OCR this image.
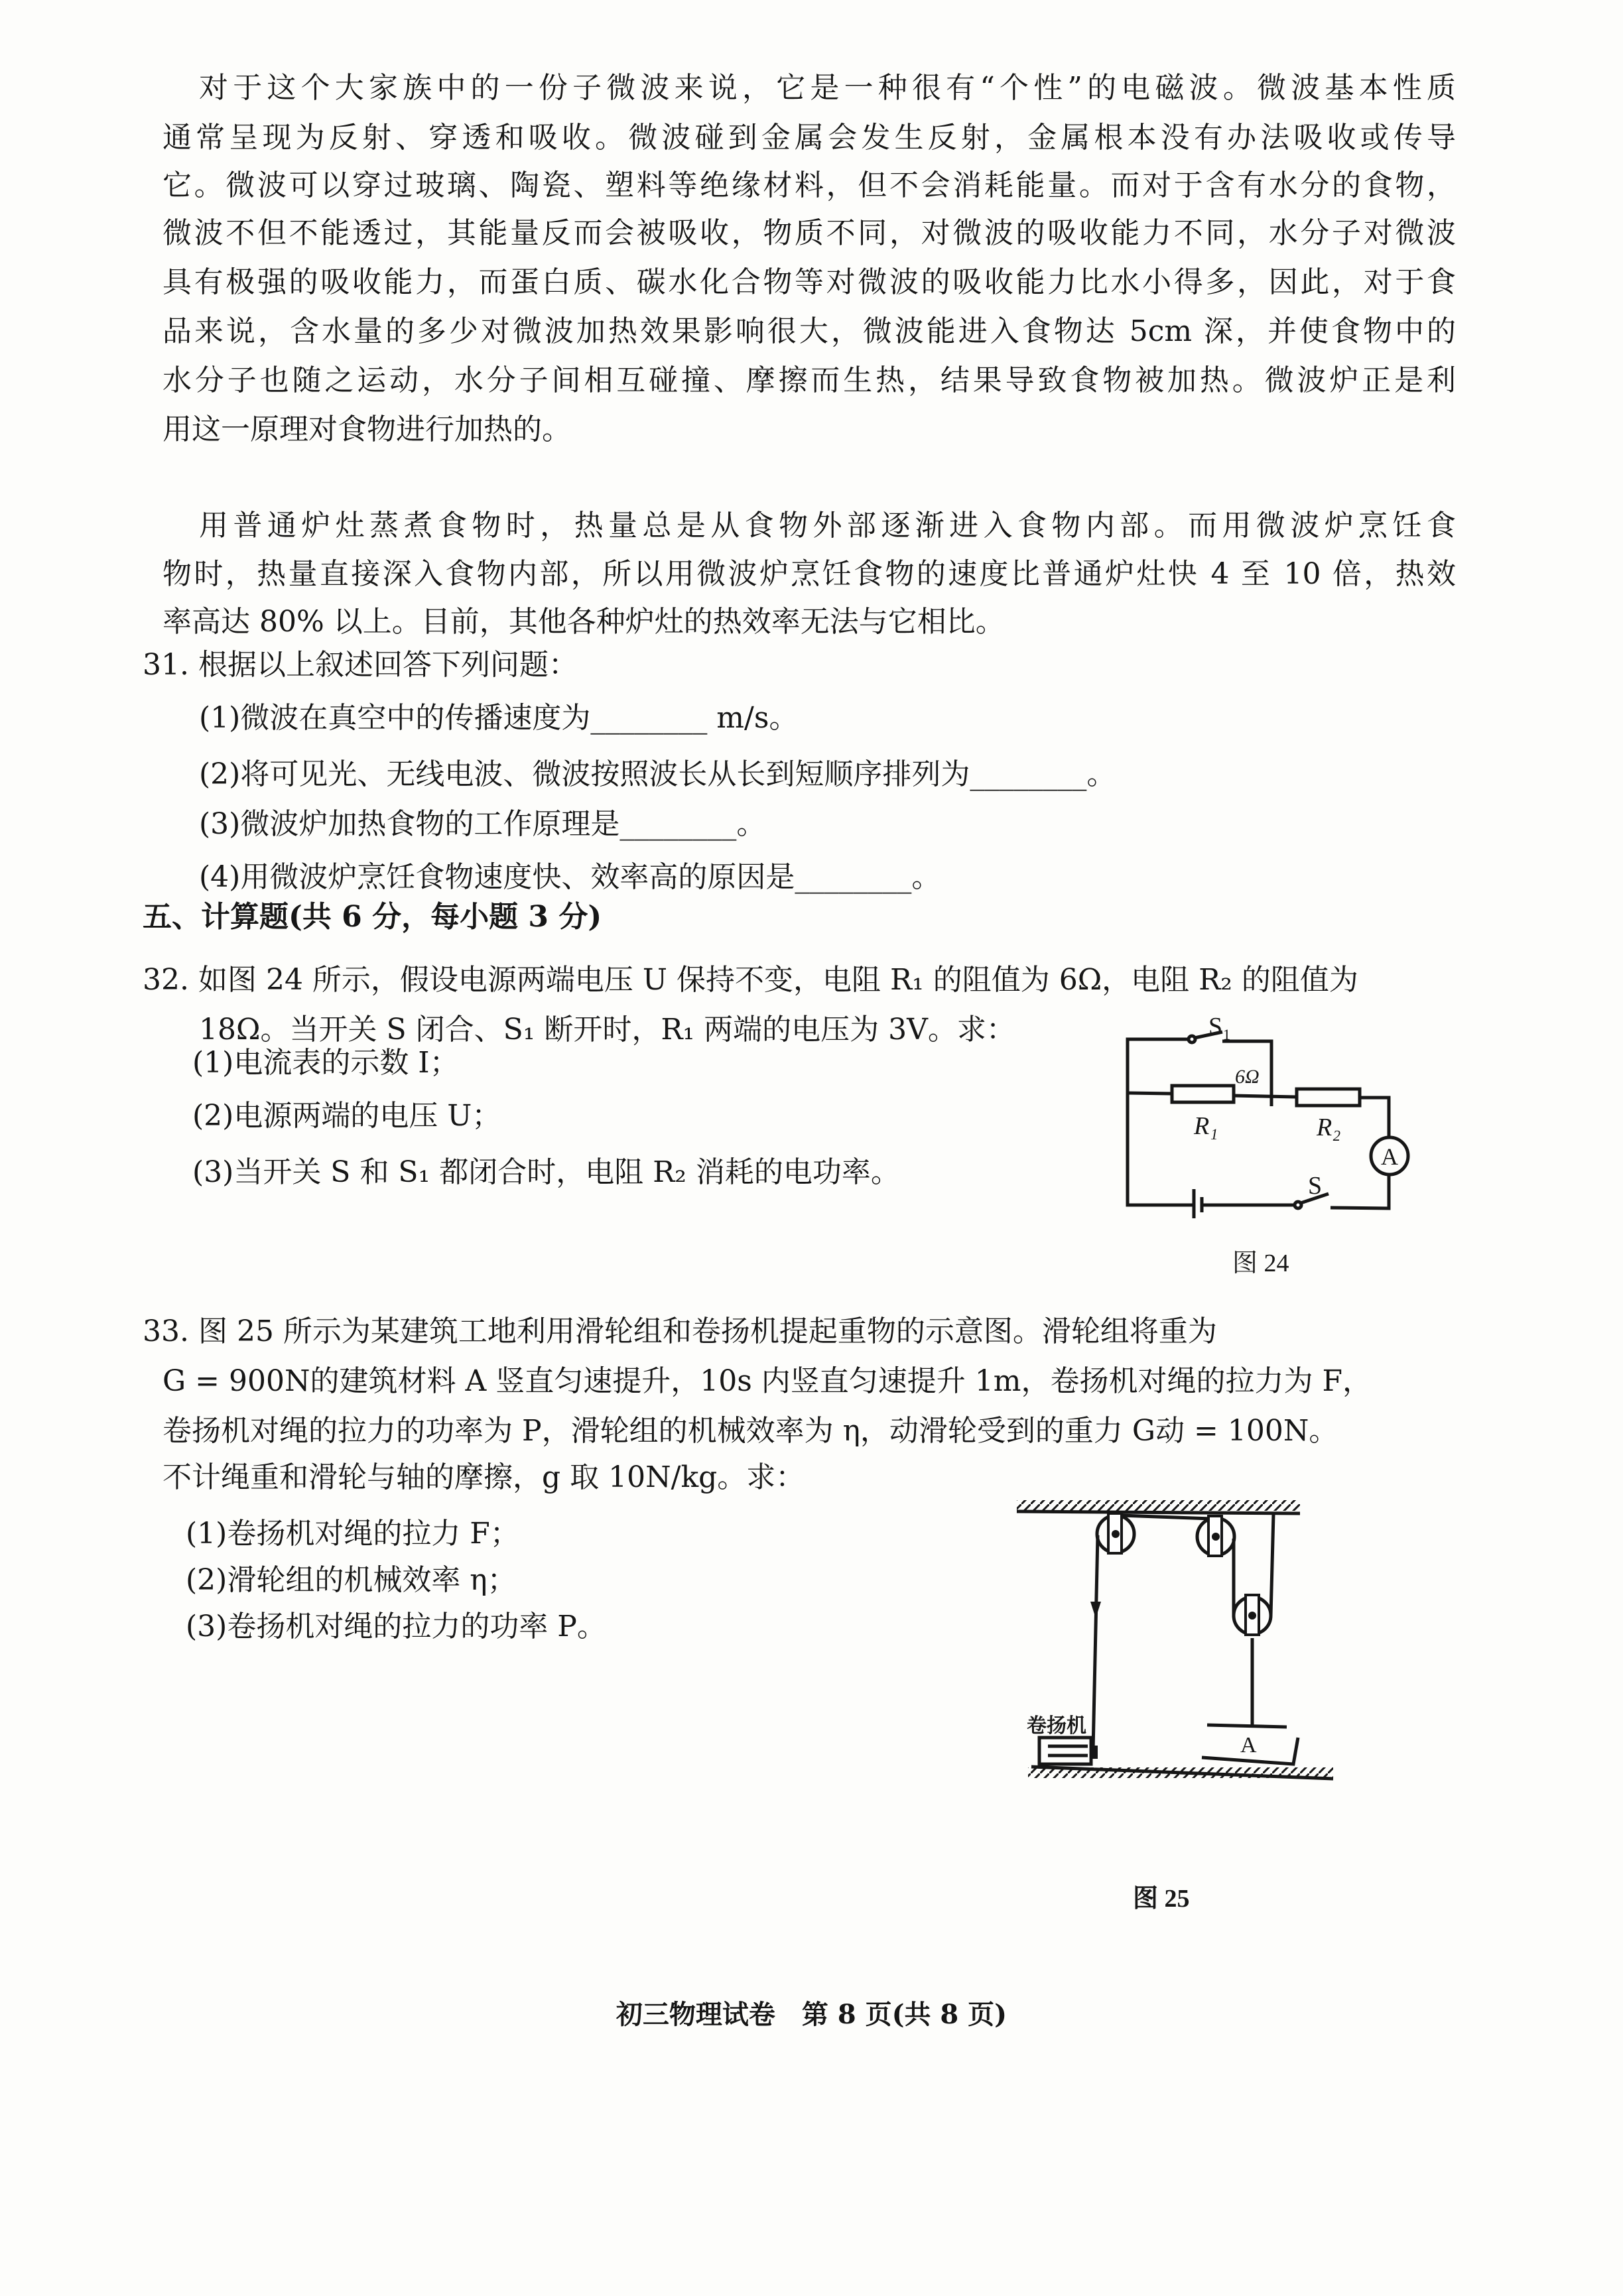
对于这个大家族中的一份子微波来说，它是一种很有“个性”的电磁波。微波基本性质
通常呈现为反射、穿透和吸收。微波碰到金属会发生反射，金属根本没有办法吸收或传导
它。微波可以穿过玻璃、陶瓷、塑料等绝缘材料，但不会消耗能量。而对于含有水分的食物，
微波不但不能透过，其能量反而会被吸收，物质不同，对微波的吸收能力不同，水分子对微波
具有极强的吸收能力，而蛋白质、碳水化合物等对微波的吸收能力比水小得多，因此，对于食
品来说，含水量的多少对微波加热效果影响很大，微波能进入食物达 5cm 深，并使食物中的
水分子也随之运动，水分子间相互碰撞、摩擦而生热，结果导致食物被加热。微波炉正是利
用这一原理对食物进行加热的。
用普通炉灶蒸煮食物时，热量总是从食物外部逐渐进入食物内部。而用微波炉烹饪食
物时，热量直接深入食物内部，所以用微波炉烹饪食物的速度比普通炉灶快 4 至 10 倍，热效
率高达 80% 以上。目前，其他各种炉灶的热效率无法与它相比。
31. 根据以上叙述回答下列问题：
(1)微波在真空中的传播速度为________ m/s。
(2)将可见光、无线电波、微波按照波长从长到短顺序排列为________。
(3)微波炉加热食物的工作原理是________。
(4)用微波炉烹饪食物速度快、效率高的原因是________。
五、计算题(共 6 分，每小题 3 分)
32. 如图 24 所示，假设电源两端电压 U 保持不变，电阻 R₁ 的阻值为 6Ω，电阻 R₂ 的阻值为
18Ω。当开关 S 闭合、S₁ 断开时，R₁ 两端的电压为 3V。求：
(1)电流表的示数 I；
(2)电源两端的电压 U；
(3)当开关 S 和 S₁ 都闭合时，电阻 R₂ 消耗的电功率。
S₁
S
R₁	R₂
A
6Ω
图 24
33. 图 25 所示为某建筑工地利用滑轮组和卷扬机提起重物的示意图。滑轮组将重为
G = 900N的建筑材料 A 竖直匀速提升，10s 内竖直匀速提升 1m，卷扬机对绳的拉力为 F，
卷扬机对绳的拉力的功率为 P，滑轮组的机械效率为 η，动滑轮受到的重力 G动 = 100N。
不计绳重和滑轮与轴的摩擦，g 取 10N/kg。求：
(1)卷扬机对绳的拉力 F；
(2)滑轮组的机械效率 η；
(3)卷扬机对绳的拉力的功率 P。
卷扬机
A
图 25
初三物理试卷　第 8 页(共 8 页)
